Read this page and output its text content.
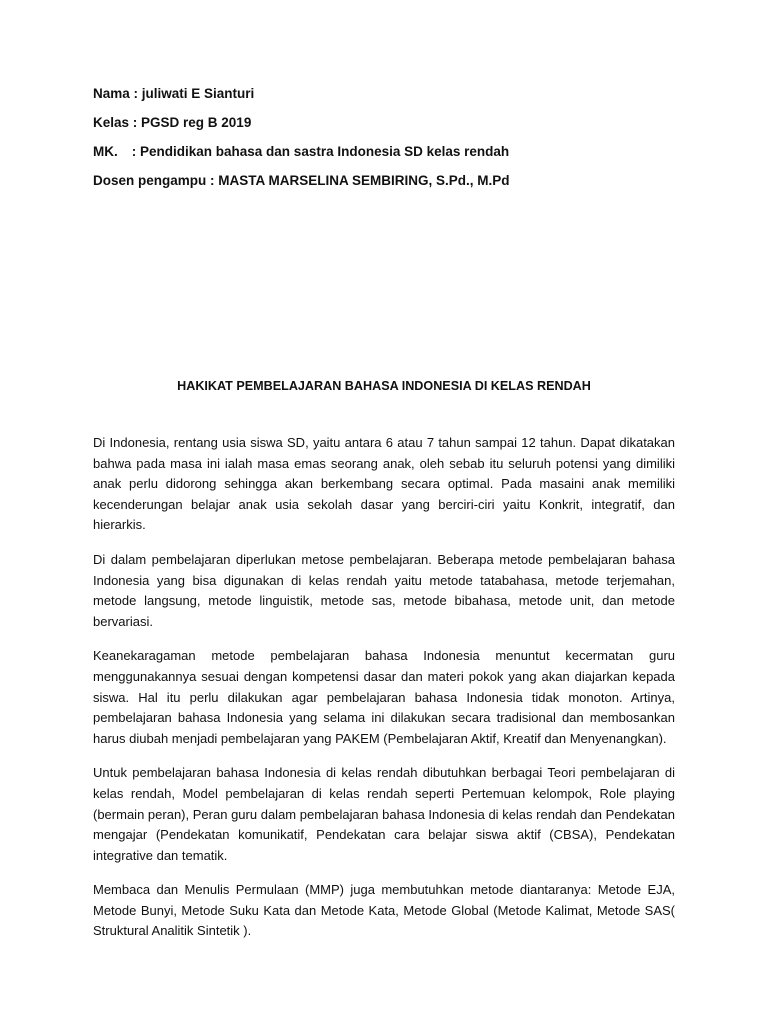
Nama : juliwati E Sianturi
Kelas : PGSD reg B 2019
MK. : Pendidikan bahasa dan sastra Indonesia SD kelas rendah
Dosen pengampu : MASTA MARSELINA SEMBIRING, S.Pd., M.Pd
HAKIKAT PEMBELAJARAN BAHASA INDONESIA DI KELAS RENDAH

Di Indonesia, rentang usia siswa SD, yaitu antara 6 atau 7 tahun sampai 12 tahun. Dapat dikatakan bahwa pada masa ini ialah masa emas seorang anak, oleh sebab itu seluruh potensi yang dimiliki anak perlu didorong sehingga akan berkembang secara optimal. Pada masaini anak memiliki kecenderungan belajar anak usia sekolah dasar yang berciri-ciri yaitu Konkrit, integratif, dan hierarkis.

Di dalam pembelajaran diperlukan metose pembelajaran. Beberapa metode pembelajaran bahasa Indonesia yang bisa digunakan di kelas rendah yaitu metode tatabahasa, metode terjemahan, metode langsung, metode linguistik, metode sas, metode bibahasa, metode unit, dan metode bervariasi.

Keanekaragaman metode pembelajaran bahasa Indonesia menuntut kecermatan guru menggunakannya sesuai dengan kompetensi dasar dan materi pokok yang akan diajarkan kepada siswa. Hal itu perlu dilakukan agar pembelajaran bahasa Indonesia tidak monoton. Artinya, pembelajaran bahasa Indonesia yang selama ini dilakukan secara tradisional dan membosankan harus diubah menjadi pembelajaran yang PAKEM (Pembelajaran Aktif, Kreatif dan Menyenangkan).

Untuk pembelajaran bahasa Indonesia di kelas rendah dibutuhkan berbagai Teori pembelajaran di kelas rendah, Model pembelajaran di kelas rendah seperti Pertemuan kelompok, Role playing (bermain peran), Peran guru dalam pembelajaran bahasa Indonesia di kelas rendah dan Pendekatan mengajar (Pendekatan komunikatif, Pendekatan cara belajar siswa aktif (CBSA), Pendekatan integrative dan tematik.

Membaca dan Menulis Permulaan (MMP) juga membutuhkan metode diantaranya: Metode EJA, Metode Bunyi, Metode Suku Kata dan Metode Kata, Metode Global (Metode Kalimat, Metode SAS( Struktural Analitik Sintetik ).
